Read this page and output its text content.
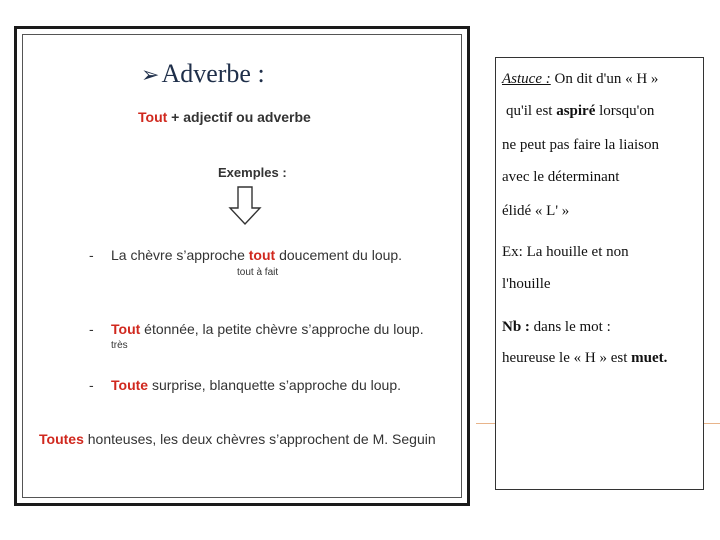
➢Adverbe :
Tout + adjectif ou adverbe
Exemples :
- La chèvre s’approche tout doucement du loup.
tout à fait
- Tout étonnée, la petite chèvre s’approche du loup.
très
- Toute surprise, blanquette s’approche du loup.
Toutes honteuses, les deux chèvres s’approchent de M. Seguin
Astuce : On dit d'un « H »
qu'il est aspiré lorsqu'on
ne peut pas faire la liaison
avec le déterminant
élidé « L' »
Ex: La houille et non
l'houille
Nb : dans le mot :
heureuse le « H » est muet.
